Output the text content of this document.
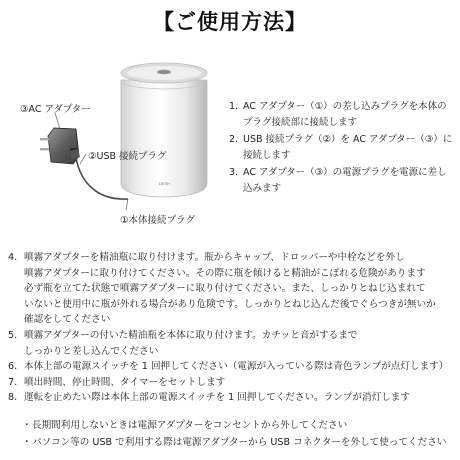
【ご使用方法】
DESH
③AC アダプター
②USB 接続プラグ
①本体接続プラグ
1. AC アダプター（①）の差し込みプラグを本体のプラグ接続部に接続します
2. USB 接続プラグ（②）を AC アダプター（③）に接続します
3. AC アダプター（③）の電源プラグを電源に差し込みます
4. 噴霧アダプターを精油瓶に取り付けます。瓶からキャップ、ドロッパーや中栓などを外し
噴霧アダプターに取り付けてください。その際に瓶を傾けると精油がこぼれる危険があります
必ず瓶を立てた状態で噴霧アダプターに取り付けてください。また、しっかりとねじ込まれて
いないと使用中に瓶が外れる場合があり危険です。しっかりとねじ込んだ後でぐらつきが無いか
確認をしてください
5. 噴霧アダプターの付いた精油瓶を本体に取り付けます。カチッと音がするまで
しっかりと差し込んでください
6. 本体上部の電源スイッチを 1 回押してください（電源が入っている際は青色ランプが点灯します）
7. 噴出時間、停止時間、タイマーをセットします
8. 運転を止めたい際は本体上部の電源スイッチを 1 回押してください。ランプが消灯します
・ 長期間利用しないときは電源アダプターをコンセントから外してください
・ パソコン等の USB で利用する際は電源アダプターから USB コネクターを外して使ってください
